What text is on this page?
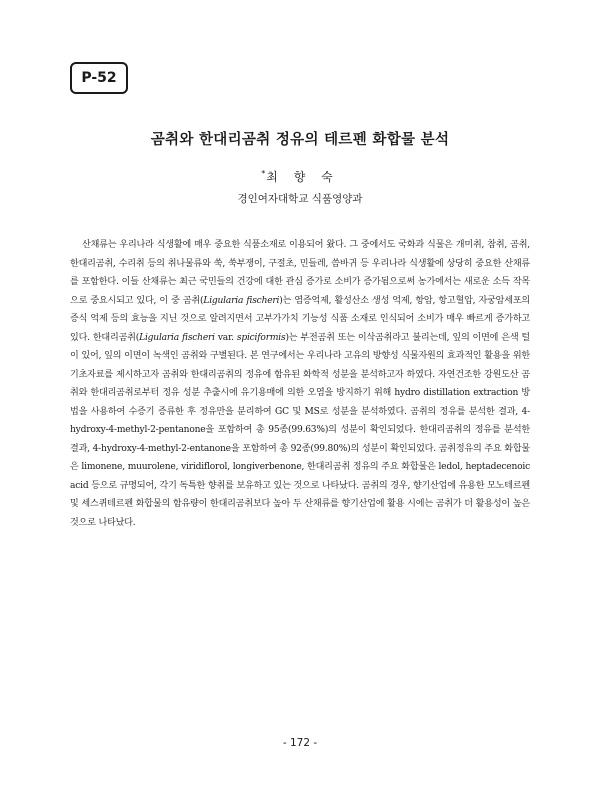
P-52
곰취와 한대리곰취 정유의 테르펜 화합물 분석
*최 향 숙
경인여자대학교 식품영양과

산채류는 우리나라 식생활에 매우 중요한 식품소재로 이용되어 왔다. 그 중에서도 국화과 식물은 개미취, 참취, 곰취, 한대리곰취, 수리취 등의 취나물류와 쑥, 쑥부쟁이, 구절초, 민들레, 씀바귀 등 우리나라 식생활에 상당히 중요한 산채류를 포함한다. 이들 산채류는 최근 국민들의 건강에 대한 관심 증가로 소비가 증가됨으로써 농가에서는 새로운 소득 작목으로 중요시되고 있다, 이 중 곰취(Ligularia fischeri)는 염증억제, 활성산소 생성 억제, 항암, 항고혈압, 자궁암세포의 증식 억제 등의 효능을 지닌 것으로 알려지면서 고부가가치 기능성 식품 소재로 인식되어 소비가 매우 빠르게 증가하고 있다. 한대리곰취(Ligularia fischeri var. spiciformis)는 부전곰취 또는 이삭곰취라고 불리는데, 잎의 이면에 은색 털이 있어, 잎의 이면이 녹색인 곰취와 구별된다. 본 연구에서는 우리나라 고유의 방향성 식물자원의 효과적인 활용을 위한 기초자료를 제시하고자 곰취와 한대리곰취의 정유에 함유된 화학적 성분을 분석하고자 하였다. 자연건조한 강원도산 곰취와 한대리곰취로부터 정유 성분 추출시에 유기용매에 의한 오염을 방지하기 위해 hydro distillation extraction 방법을 사용하여 수증기 증류한 후 정유만을 분리하여 GC 및 MS로 성분을 분석하였다. 곰취의 정유를 분석한 결과, 4-hydroxy-4-methyl-2-pentanone을 포함하여 총 95종(99.63%)의 성분이 확인되었다. 한대리곰취의 정유를 분석한 결과, 4-hydroxy-4-methyl-2-entanone을 포함하여 총 92종(99.80%)의 성분이 확인되었다. 곰취정유의 주요 화합물은 limonene, muurolene, viridiflorol, longiverbenone, 한대리곰취 정유의 주요 화합물은 ledol, heptadecenoic acid 등으로 규명되어, 각기 독특한 향취를 보유하고 있는 것으로 나타났다. 곰취의 경우, 향기산업에 유용한 모노테르펜 및 세스퀴테르펜 화합물의 함유량이 한대리곰취보다 높아 두 산채류를 향기산업에 활용 시에는 곰취가 더 활용성이 높은 것으로 나타났다.

- 172 -
